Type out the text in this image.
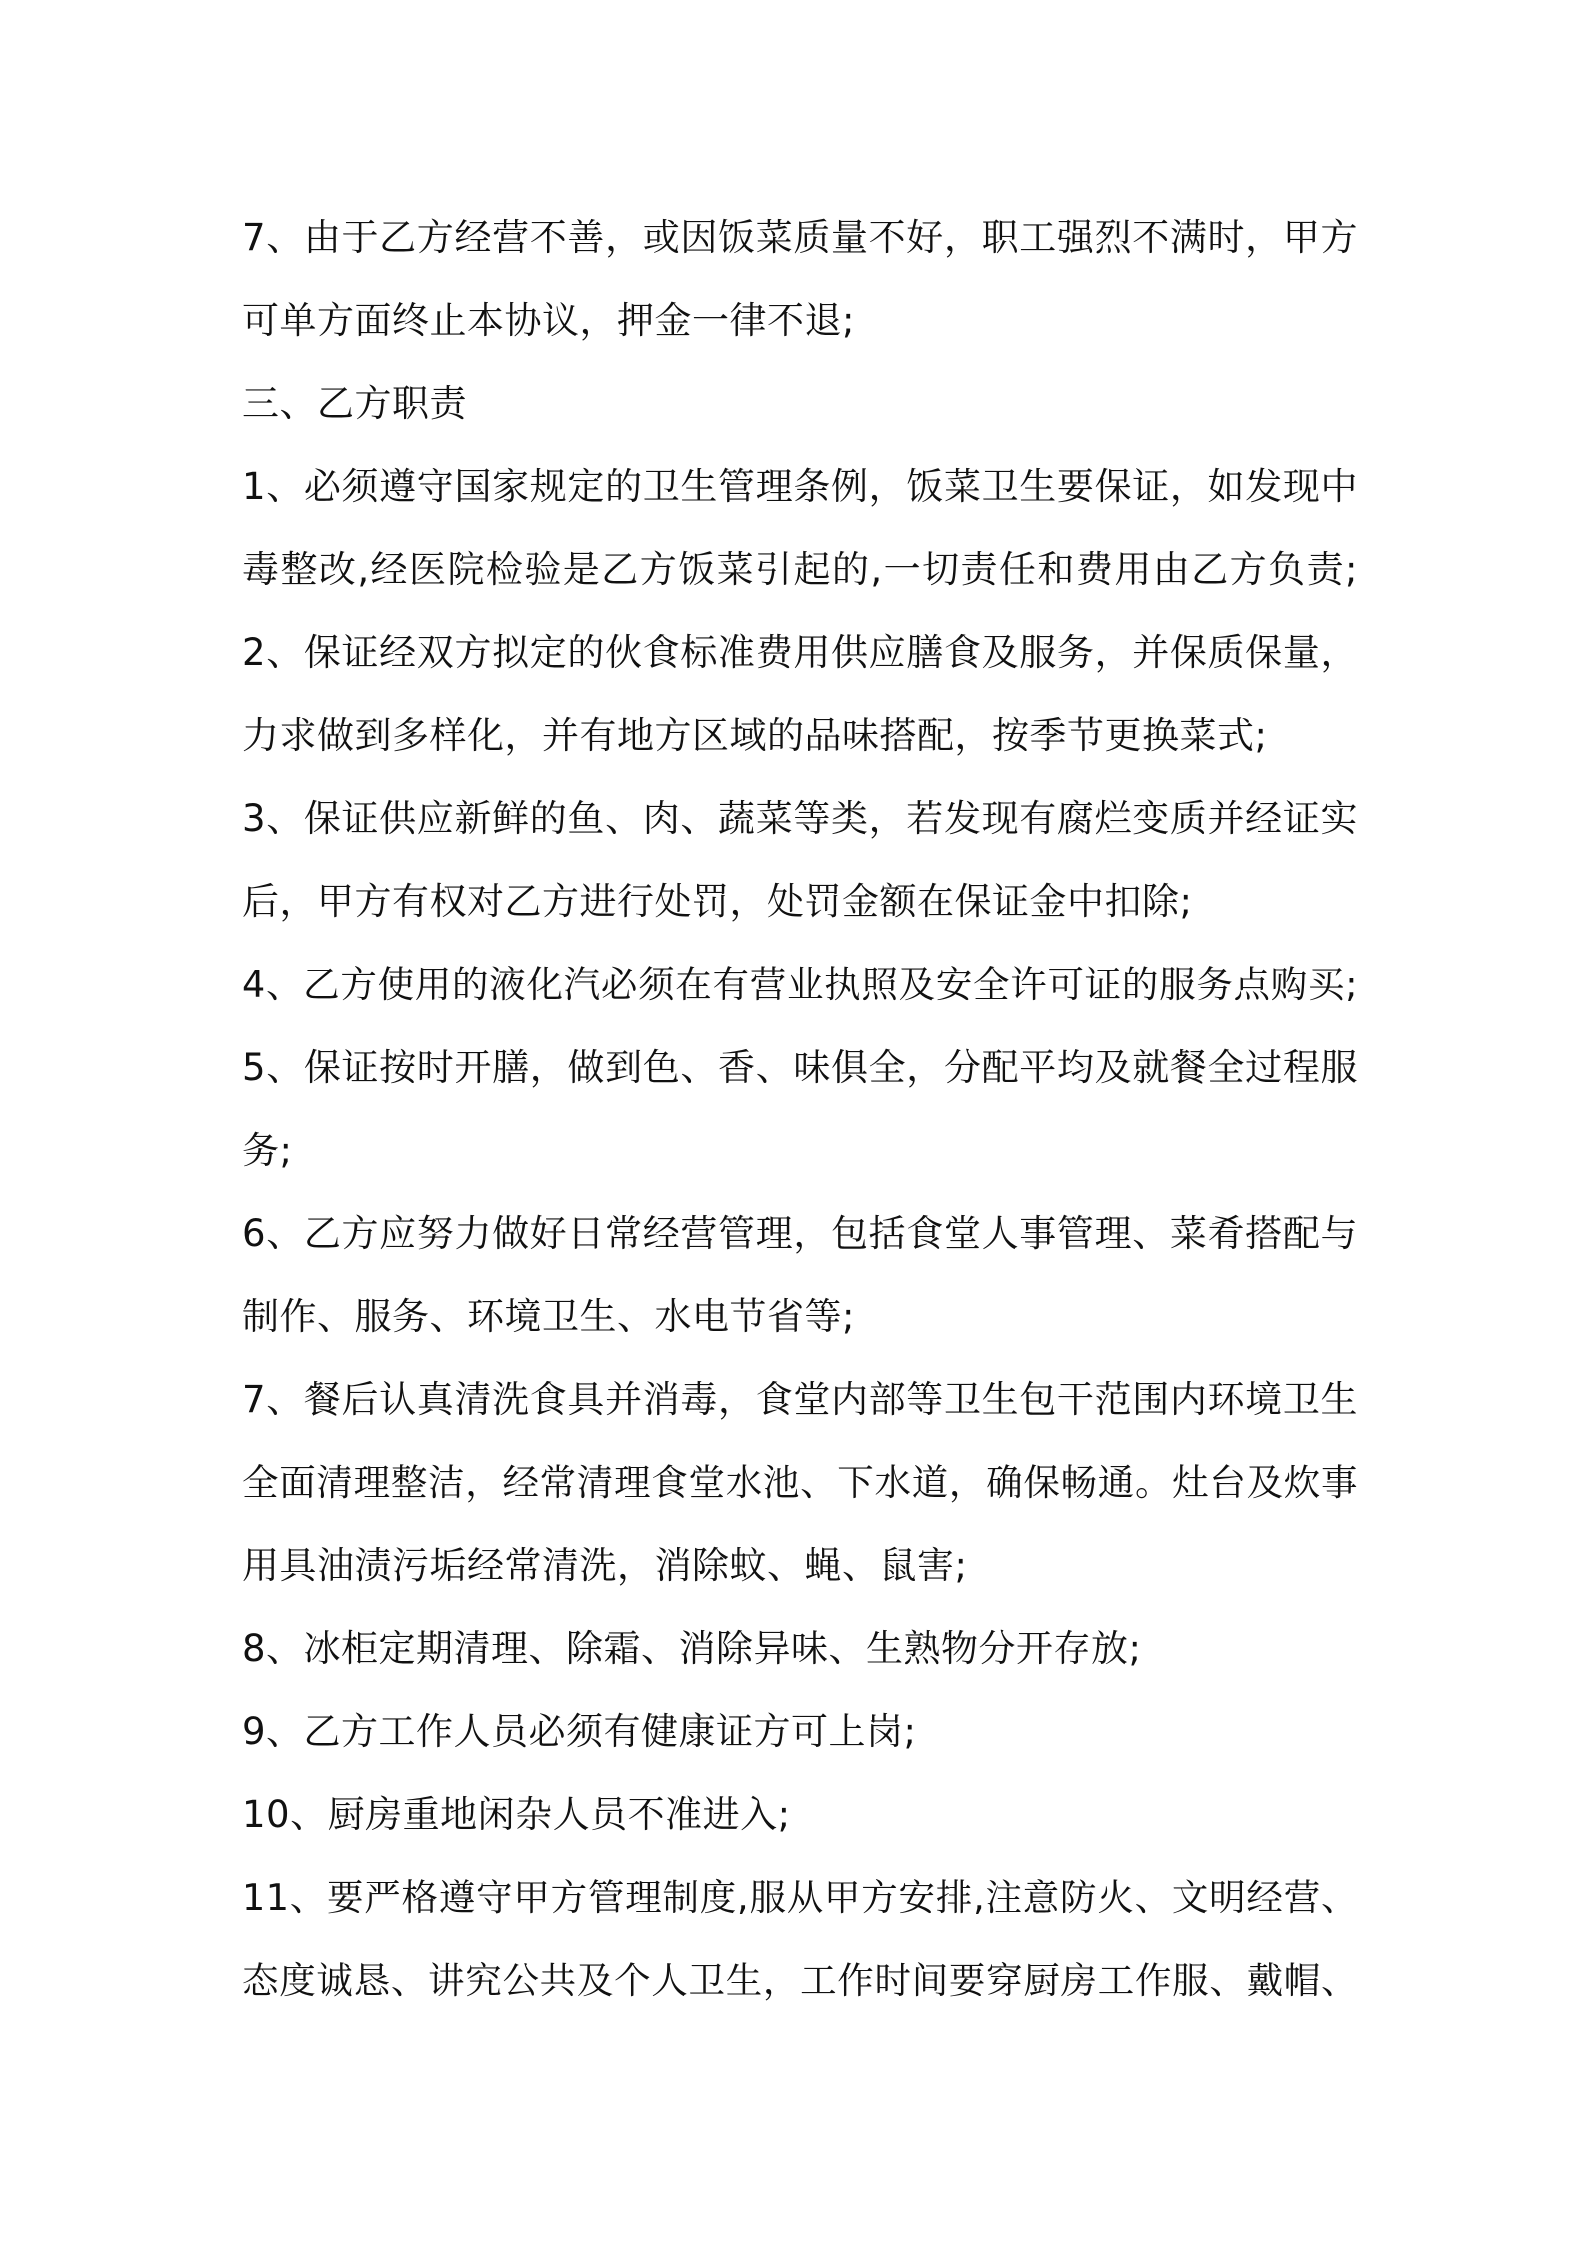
7、由于乙方经营不善，或因饭菜质量不好，职工强烈不满时，甲方
可单方面终止本协议，押金一律不退;
三、乙方职责
1、必须遵守国家规定的卫生管理条例，饭菜卫生要保证，如发现中
毒整改,经医院检验是乙方饭菜引起的,一切责任和费用由乙方负责;
2、保证经双方拟定的伙食标准费用供应膳食及服务，并保质保量，
力求做到多样化，并有地方区域的品味搭配，按季节更换菜式;
3、保证供应新鲜的鱼、肉、蔬菜等类，若发现有腐烂变质并经证实
后，甲方有权对乙方进行处罚，处罚金额在保证金中扣除;
4、乙方使用的液化汽必须在有营业执照及安全许可证的服务点购买;
5、保证按时开膳，做到色、香、味俱全，分配平均及就餐全过程服
务;
6、乙方应努力做好日常经营管理，包括食堂人事管理、菜肴搭配与
制作、服务、环境卫生、水电节省等;
7、餐后认真清洗食具并消毒，食堂内部等卫生包干范围内环境卫生
全面清理整洁，经常清理食堂水池、下水道，确保畅通。灶台及炊事
用具油渍污垢经常清洗，消除蚊、蝇、鼠害;
8、冰柜定期清理、除霜、消除异味、生熟物分开存放;
9、乙方工作人员必须有健康证方可上岗;
10、厨房重地闲杂人员不准进入;
11、要严格遵守甲方管理制度,服从甲方安排,注意防火、文明经营、
态度诚恳、讲究公共及个人卫生，工作时间要穿厨房工作服、戴帽、
